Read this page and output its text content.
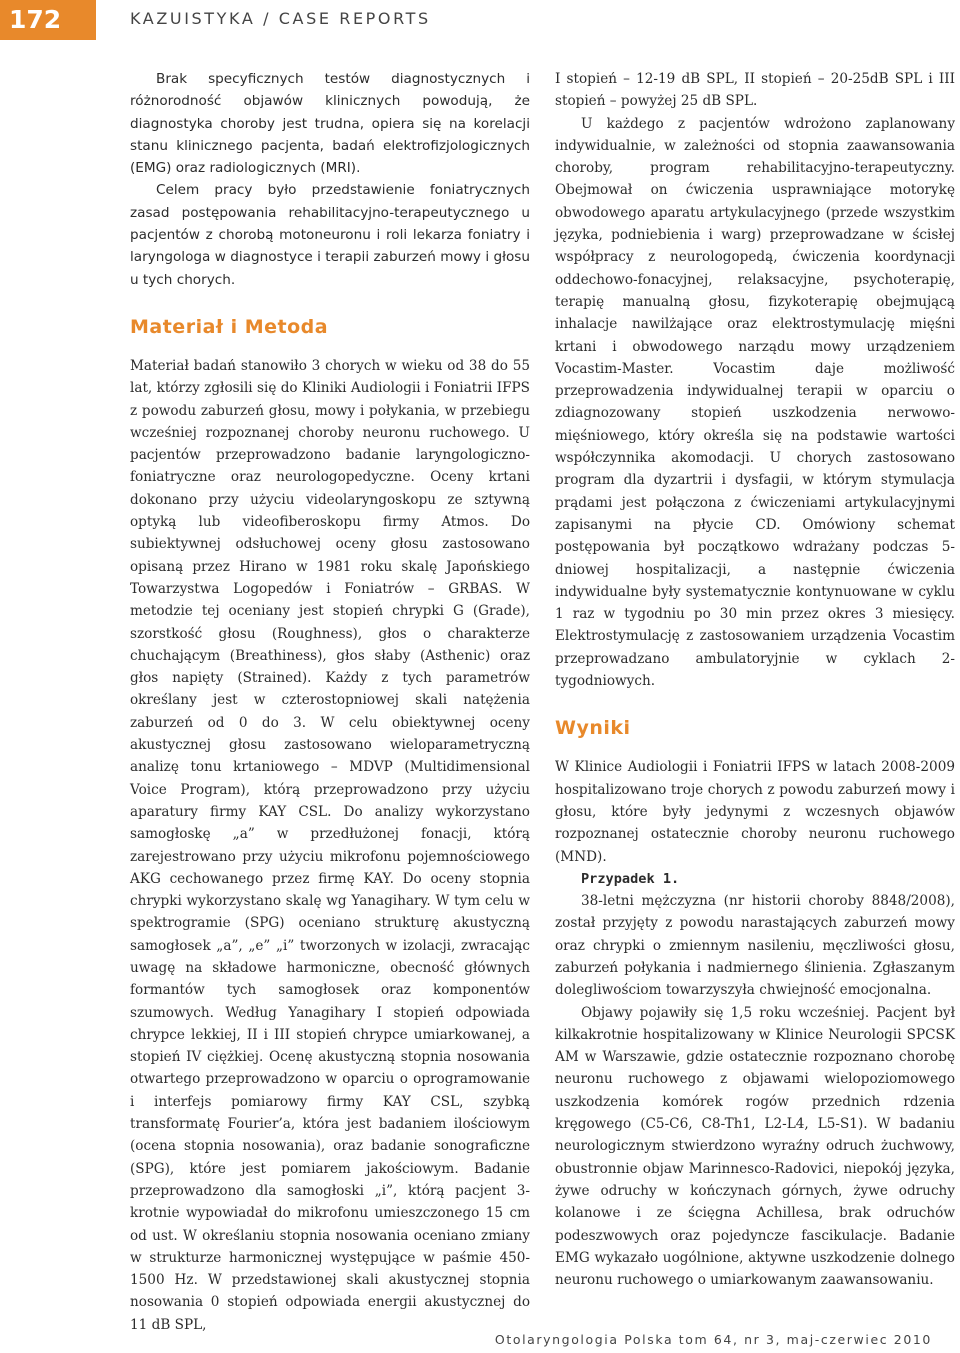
172	KAZUISTYKA / CASE REPORTS

Brak specyficznych testów diagnostycznych i różnorodność objawów klinicznych powodują, że diagnostyka choroby jest trudna, opiera się na korelacji stanu klinicznego pacjenta, badań elektrofizjologicznych (EMG) oraz radiologicznych (MRI).

Celem pracy było przedstawienie foniatrycznych zasad postępowania rehabilitacyjno-terapeutycznego u pacjentów z chorobą motoneuronu i roli lekarza foniatry i laryngologa w diagnostyce i terapii zaburzeń mowy i głosu u tych chorych.

Materiał i Metoda

Materiał badań stanowiło 3 chorych w wieku od 38 do 55 lat, którzy zgłosili się do Kliniki Audiologii i Foniatrii IFPS z powodu zaburzeń głosu, mowy i połykania, w przebiegu wcześniej rozpoznanej choroby neuronu ruchowego. U pacjentów przeprowadzono badanie laryngologiczno-foniatryczne oraz neurologopedyczne. Oceny krtani dokonano przy użyciu videolaryngoskopu ze sztywną optyką lub videofiberoskopu firmy Atmos. Do subiektywnej odsłuchowej oceny głosu zastosowano opisaną przez Hirano w 1981 roku skalę Japońskiego Towarzystwa Logopedów i Foniatrów – GRBAS. W metodzie tej oceniany jest stopień chrypki G (Grade), szorstkość głosu (Roughness), głos o charakterze chuchającym (Breathiness), głos słaby (Asthenic) oraz głos napięty (Strained). Każdy z tych parametrów określany jest w czterostopniowej skali natężenia zaburzeń od 0 do 3. W celu obiektywnej oceny akustycznej głosu zastosowano wieloparametryczną analizę tonu krtaniowego – MDVP (Multidimensional Voice Program), którą przeprowadzono przy użyciu aparatury firmy KAY CSL. Do analizy wykorzystano samogłoskę „a” w przedłużonej fonacji, którą zarejestrowano przy użyciu mikrofonu pojemnościowego AKG cechowanego przez firmę KAY. Do oceny stopnia chrypki wykorzystano skalę wg Yanagihary. W tym celu w spektrogramie (SPG) oceniano strukturę akustyczną samogłosek „a”, „e” „i” tworzonych w izolacji, zwracając uwagę na składowe harmoniczne, obecność głównych formantów tych samogłosek oraz komponentów szumowych. Według Yanagihary I stopień odpowiada chrypce lekkiej, II i III stopień chrypce umiarkowanej, a stopień IV ciężkiej. Ocenę akustyczną stopnia nosowania otwartego przeprowadzono w oparciu o oprogramowanie i interfejs pomiarowy firmy KAY CSL, szybką transformatę Fourier’a, która jest badaniem ilościowym (ocena stopnia nosowania), oraz badanie sonograficzne (SPG), które jest pomiarem jakościowym. Badanie przeprowadzono dla samogłoski „i”, którą pacjent 3-krotnie wypowiadał do mikrofonu umieszczonego 15 cm od ust. W określaniu stopnia nosowania oceniano zmiany w strukturze harmonicznej występujące w paśmie 450-1500 Hz. W przedstawionej skali akustycznej stopnia nosowania 0 stopień odpowiada energii akustycznej do 11 dB SPL,

I stopień – 12-19 dB SPL, II stopień – 20-25dB SPL i III stopień – powyżej 25 dB SPL.

U każdego z pacjentów wdrożono zaplanowany indywidualnie, w zależności od stopnia zaawansowania choroby, program rehabilitacyjno-terapeutyczny. Obejmował on ćwiczenia usprawniające motorykę obwodowego aparatu artykulacyjnego (przede wszystkim języka, podniebienia i warg) przeprowadzane w ścisłej współpracy z neurologopedą, ćwiczenia koordynacji oddechowo-fonacyjnej, relaksacyjne, psychoterapię, terapię manualną głosu, fizykoterapię obejmującą inhalacje nawilżające oraz elektrostymulację mięśni krtani i obwodowego narządu mowy urządzeniem Vocastim-Master. Vocastim daje możliwość przeprowadzenia indywidualnej terapii w oparciu o zdiagnozowany stopień uszkodzenia nerwowo-mięśniowego, który określa się na podstawie wartości współczynnika akomodacji. U chorych zastosowano program dla dyzartrii i dysfagii, w którym stymulacja prądami jest połączona z ćwiczeniami artykulacyjnymi zapisanymi na płycie CD. Omówiony schemat postępowania był początkowo wdrażany podczas 5-dniowej hospitalizacji, a następnie ćwiczenia indywidualne były systematycznie kontynuowane w cyklu 1 raz w tygodniu po 30 min przez okres 3 miesięcy. Elektrostymulację z zastosowaniem urządzenia Vocastim przeprowadzano ambulatoryjnie w cyklach 2-tygodniowych.

Wyniki

W Klinice Audiologii i Foniatrii IFPS w latach 2008-2009 hospitalizowano troje chorych z powodu zaburzeń mowy i głosu, które były jedynymi z wczesnych objawów rozpoznanej ostatecznie choroby neuronu ruchowego (MND).

Przypadek 1.

38-letni mężczyzna (nr historii choroby 8848/2008), został przyjęty z powodu narastających zaburzeń mowy oraz chrypki o zmiennym nasileniu, męczliwości głosu, zaburzeń połykania i nadmiernego ślinienia. Zgłaszanym dolegliwościom towarzyszyła chwiejność emocjonalna.

Objawy pojawiły się 1,5 roku wcześniej. Pacjent był kilkakrotnie hospitalizowany w Klinice Neurologii SPCSK AM w Warszawie, gdzie ostatecznie rozpoznano chorobę neuronu ruchowego z objawami wielopoziomowego uszkodzenia komórek rogów przednich rdzenia kręgowego (C5-C6, C8-Th1, L2-L4, L5-S1). W badaniu neurologicznym stwierdzono wyraźny odruch żuchwowy, obustronnie objaw Marinnesco-Radovici, niepokój języka, żywe odruchy w kończynach górnych, żywe odruchy kolanowe i ze ścięgna Achillesa, brak odruchów podeszwowych oraz pojedyncze fascikulacje. Badanie EMG wykazało uogólnione, aktywne uszkodzenie dolnego neuronu ruchowego o umiarkowanym zaawansowaniu.

Otolaryngologia Polska tom 64, nr 3, maj-czerwiec 2010
